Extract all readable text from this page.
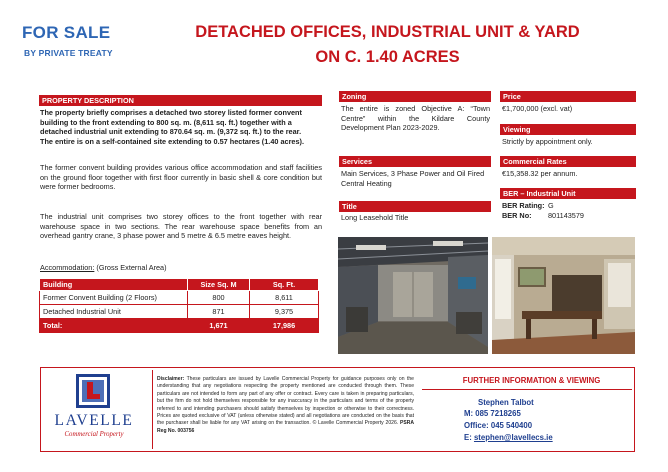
FOR SALE
BY PRIVATE TREATY
DETACHED OFFICES, INDUSTRIAL UNIT & YARD
ON C. 1.40 ACRES
PROPERTY DESCRIPTION
The property briefly comprises a detached two storey listed former convent
building to the front extending to 800 sq. m. (8,611 sq. ft.) together with a
detached industrial unit extending to 870.64 sq. m. (9,372 sq. ft.) to the rear.
The entire is on a self-contained site extending to 0.57 hectares (1.40 acres).
The former convent building provides various office accommodation and staff facilities on the ground floor together with first floor currently in basic shell & core condition but were former bedrooms.
The industrial unit comprises two storey offices to the front together with rear warehouse space in two sections. The rear warehouse space benefits from an overhead gantry crane, 3 phase power and 5 metre & 6.5 metre eaves height.
Accommodation: (Gross External Area)
Building	Size Sq. M	Sq. Ft.
Former Convent Building (2 Floors)	800	8,611
Detached Industrial Unit	871	9,375
Total:	1,671	17,986
Zoning
The entire is zoned Objective A: “Town Centre” within the Kildare County Development Plan 2023-2029.
Services
Main Services, 3 Phase Power and Oil Fired Central Heating
Title
Long Leasehold Title
Price
€1,700,000 (excl. vat)
Viewing
Strictly by appointment only.
Commercial Rates
€15,358.32 per annum.
BER – Industrial Unit
BER Rating: G
BER No: 801143579
LAVELLE
Commercial Property
Disclaimer: These particulars are issued by Lavelle Commercial Property for guidance purposes only on the understanding that any negotiations respecting the property mentioned are conducted through them. These particulars are not intended to form any part of any offer or contract. Every care is taken in preparing particulars, but the firm do not hold themselves responsible for any inaccuracy in the particulars and terms of the property referred to and intending purchasers should satisfy themselves by inspection or otherwise to their correctness. Prices are quoted exclusive of VAT (unless otherwise stated) and all negotiations are conducted on the basis that the purchaser shall be liable for any VAT arising on the transaction. © Lavelle Commercial Property 2026. PSRA Reg No. 003756
FURTHER INFORMATION & VIEWING
Stephen Talbot
M: 085 7218265
Office: 045 540400
E: stephen@lavellecs.ie
